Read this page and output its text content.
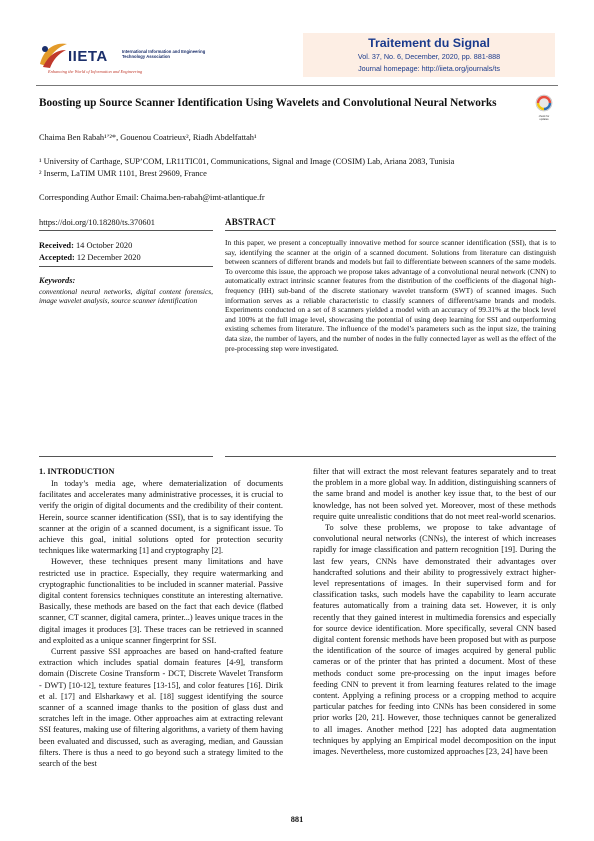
IIETA	International Information and Engineering Technology Association
Enhancing the World of Information and Engineering
Traitement du Signal
Vol. 37, No. 6, December, 2020, pp. 881-888
Journal homepage: http://iieta.org/journals/ts
Boosting up Source Scanner Identification Using Wavelets and Convolutional Neural Networks
check for
updates
Chaima Ben Rabah¹ʼ²*, Gouenou Coatrieux², Riadh Abdelfattah¹
¹ University of Carthage, SUP’COM, LR11TIC01, Communications, Signal and Image (COSIM) Lab, Ariana 2083, Tunisia
² Inserm, LaTIM UMR 1101, Brest 29609, France
Corresponding Author Email: Chaima.ben-rabah@imt-atlantique.fr
https://doi.org/10.18280/ts.370601
Received: 14 October 2020
Accepted: 12 December 2020
Keywords:
conventional neural networks, digital content forensics, image wavelet analysis, source scanner identification
ABSTRACT
In this paper, we present a conceptually innovative method for source scanner identification (SSI), that is to say, identifying the scanner at the origin of a scanned document. Solutions from literature can distinguish between scanners of different brands and models but fail to differentiate between scanners of the same models. To overcome this issue, the approach we propose takes advantage of a convolutional neural network (CNN) to automatically extract intrinsic scanner features from the distribution of the coefficients of the diagonal high-frequency (HH) sub-band of the discrete stationary wavelet transform (SWT) of scanned images. Such information serves as a reliable characteristic to classify scanners of different/same brands and models. Experiments conducted on a set of 8 scanners yielded a model with an accuracy of 99.31% at the block level and 100% at the full image level, showcasing the potential of using deep learning for SSI and outperforming existing schemes from literature. The influence of the model’s parameters such as the input size, the training data size, the number of layers, and the number of nodes in the fully connected layer as well as the effect of the pre-processing step were investigated.
1. INTRODUCTION

In today’s media age, where dematerialization of documents facilitates and accelerates many administrative processes, it is crucial to verify the origin of digital documents and the credibility of their content. Herein, source scanner identification (SSI), that is to say identifying the scanner at the origin of a scanned document, is a significant issue. To achieve this goal, initial solutions opted for protection security techniques like watermarking [1] and cryptography [2].

However, these techniques present many limitations and have restricted use in practice. Especially, they require watermarking and cryptographic functionalities to be included in scanner material. Passive digital content forensics techniques constitute an interesting alternative. Basically, these methods are based on the fact that each device (flatbed scanner, CT scanner, digital camera, printer...) leaves unique traces in the digital images it produces [3]. These traces can be retrieved in scanned and exploited as a unique scanner fingerprint for SSI.

Current passive SSI approaches are based on hand-crafted feature extraction which includes spatial domain features [4-9], transform domain (Discrete Cosine Transform - DCT, Discrete Wavelet Transform - DWT) [10-12], texture features [13-15], and color features [16]. Dirik et al. [17] and Elsharkawy et al. [18] suggest identifying the source scanner of a scanned image thanks to the position of glass dust and scratches left in the image. Other approaches aim at extracting relevant SSI features, making use of filtering algorithms, a variety of them having been evaluated and discussed, such as averaging, median, and Gaussian filters. There is thus a need to go beyond such a strategy limited to the search of the best

filter that will extract the most relevant features separately and to treat the problem in a more global way. In addition, distinguishing scanners of the same brand and model is another key issue that, to the best of our knowledge, has not been solved yet. Moreover, most of these methods require quite unrealistic conditions that do not meet real-world scenarios.

To solve these problems, we propose to take advantage of convolutional neural networks (CNNs), the interest of which increases rapidly for image classification and pattern recognition [19]. During the last few years, CNNs have demonstrated their advantages over handcrafted solutions and their ability to progressively extract higher-level representations of images. In their supervised form and for classification tasks, such models have the capability to learn accurate features automatically from a training data set. However, it is only recently that they gained interest in multimedia forensics and especially for source device identification. More specifically, several CNN based digital content forensic methods have been proposed but with as purpose the identification of the source of images acquired by general public cameras or of the printer that has printed a document. Most of these methods conduct some pre-processing on the input images before feeding CNN to prevent it from learning features related to the image content. Applying a refining process or a cropping method to acquire particular patches for feeding into CNNs has been considered in some prior works [20, 21]. However, those techniques cannot be generalized to all images. Another method [22] has adopted data augmentation techniques by applying an Empirical model decomposition on the input images. Nevertheless, more customized approaches [23, 24] have been

881
